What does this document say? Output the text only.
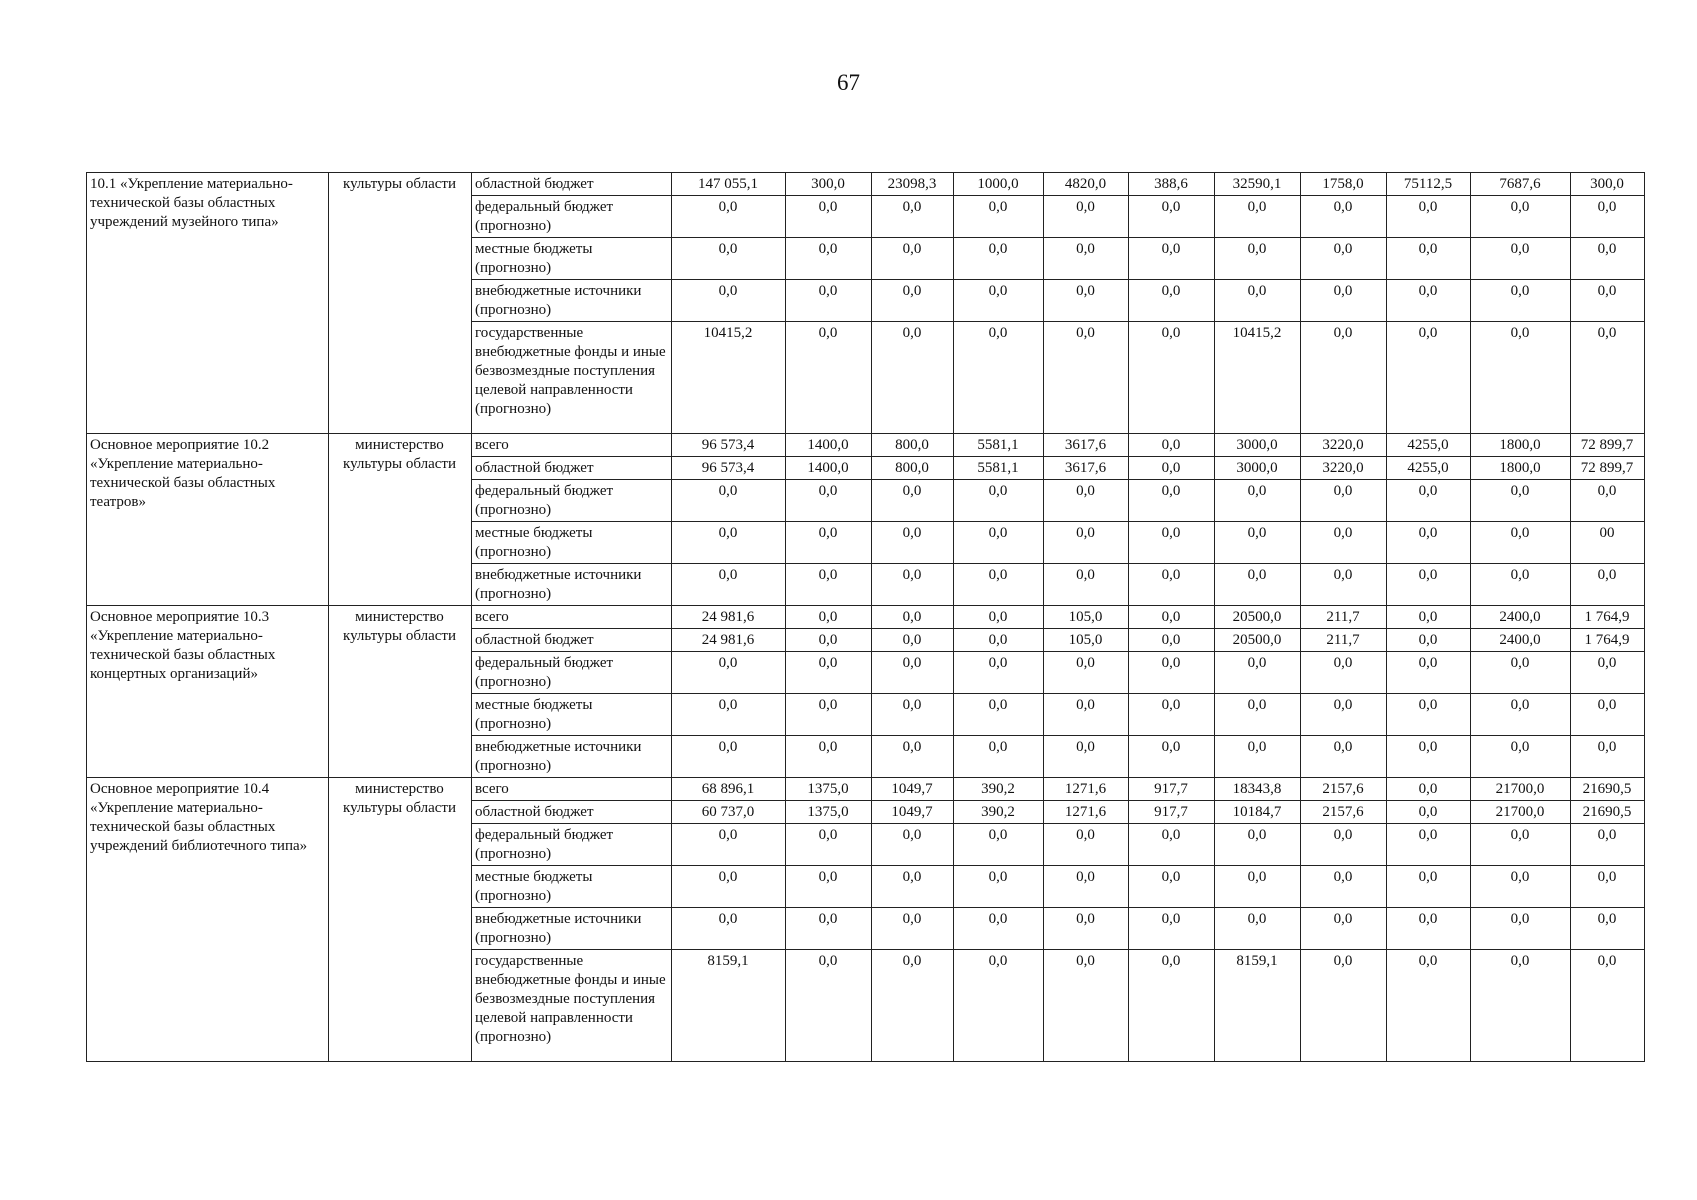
67
10.1 «Укрепление материально-технической базы областных учреждений музейного типа»	культуры области	областной бюджет	147 055,1	300,0	23098,3	1000,0	4820,0	388,6	32590,1	1758,0	75112,5	7687,6	300,0
		федеральный бюджет (прогнозно)	0,0	0,0	0,0	0,0	0,0	0,0	0,0	0,0	0,0	0,0	0,0
		местные бюджеты (прогнозно)	0,0	0,0	0,0	0,0	0,0	0,0	0,0	0,0	0,0	0,0	0,0
		внебюджетные источники (прогнозно)	0,0	0,0	0,0	0,0	0,0	0,0	0,0	0,0	0,0	0,0	0,0
		государственные внебюджетные фонды и иные безвозмездные поступления целевой направленности (прогнозно)	10415,2	0,0	0,0	0,0	0,0	0,0	10415,2	0,0	0,0	0,0	0,0
Основное мероприятие 10.2 «Укрепление материально-технической базы областных театров»	министерство культуры области	всего	96 573,4	1400,0	800,0	5581,1	3617,6	0,0	3000,0	3220,0	4255,0	1800,0	72 899,7
		областной бюджет	96 573,4	1400,0	800,0	5581,1	3617,6	0,0	3000,0	3220,0	4255,0	1800,0	72 899,7
		федеральный бюджет (прогнозно)	0,0	0,0	0,0	0,0	0,0	0,0	0,0	0,0	0,0	0,0	0,0
		местные бюджеты (прогнозно)	0,0	0,0	0,0	0,0	0,0	0,0	0,0	0,0	0,0	0,0	00
		внебюджетные источники (прогнозно)	0,0	0,0	0,0	0,0	0,0	0,0	0,0	0,0	0,0	0,0	0,0
Основное мероприятие 10.3 «Укрепление материально-технической базы областных концертных организаций»	министерство культуры области	всего	24 981,6	0,0	0,0	0,0	105,0	0,0	20500,0	211,7	0,0	2400,0	1 764,9
		областной бюджет	24 981,6	0,0	0,0	0,0	105,0	0,0	20500,0	211,7	0,0	2400,0	1 764,9
		федеральный бюджет (прогнозно)	0,0	0,0	0,0	0,0	0,0	0,0	0,0	0,0	0,0	0,0	0,0
		местные бюджеты (прогнозно)	0,0	0,0	0,0	0,0	0,0	0,0	0,0	0,0	0,0	0,0	0,0
		внебюджетные источники (прогнозно)	0,0	0,0	0,0	0,0	0,0	0,0	0,0	0,0	0,0	0,0	0,0
Основное мероприятие 10.4 «Укрепление материально-технической базы областных учреждений библиотечного типа»	министерство культуры области	всего	68 896,1	1375,0	1049,7	390,2	1271,6	917,7	18343,8	2157,6	0,0	21700,0	21690,5
		областной бюджет	60 737,0	1375,0	1049,7	390,2	1271,6	917,7	10184,7	2157,6	0,0	21700,0	21690,5
		федеральный бюджет (прогнозно)	0,0	0,0	0,0	0,0	0,0	0,0	0,0	0,0	0,0	0,0	0,0
		местные бюджеты (прогнозно)	0,0	0,0	0,0	0,0	0,0	0,0	0,0	0,0	0,0	0,0	0,0
		внебюджетные источники (прогнозно)	0,0	0,0	0,0	0,0	0,0	0,0	0,0	0,0	0,0	0,0	0,0
		государственные внебюджетные фонды и иные безвозмездные поступления целевой направленности (прогнозно)	8159,1	0,0	0,0	0,0	0,0	0,0	8159,1	0,0	0,0	0,0	0,0
